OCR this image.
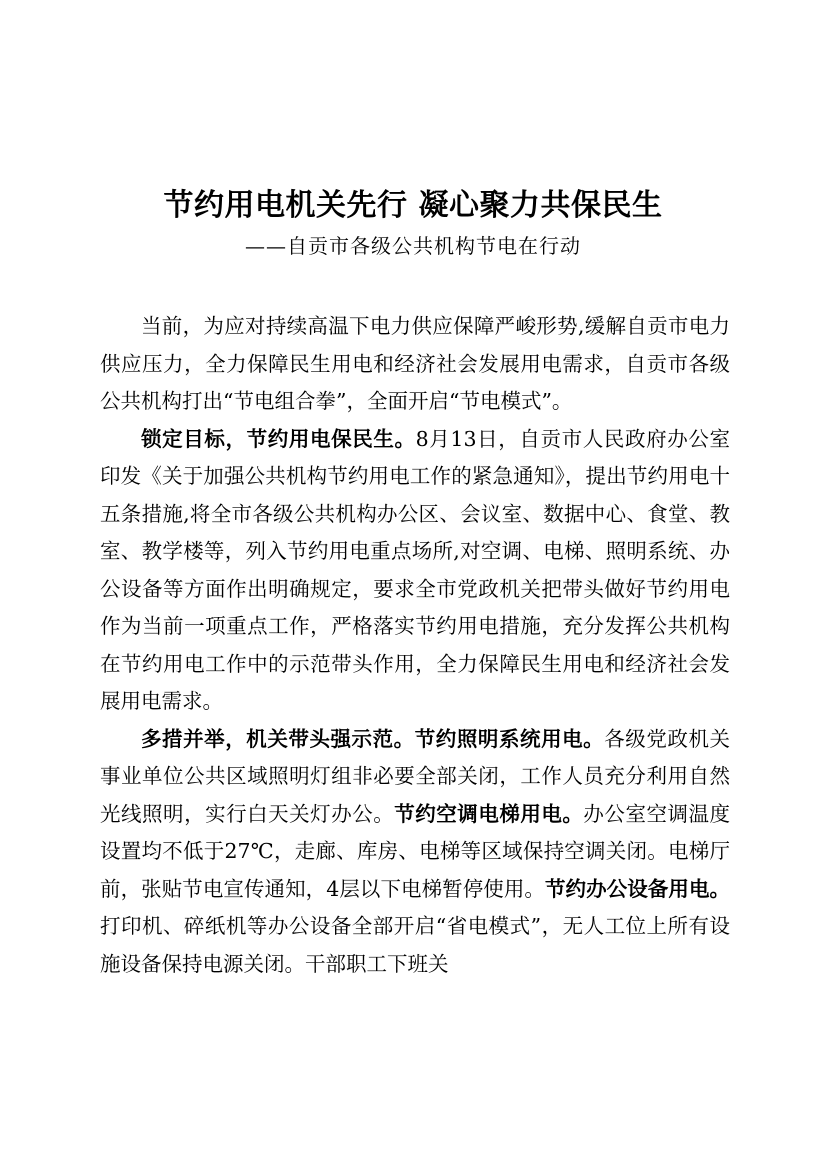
节约用电机关先行 凝心聚力共保民生
——自贡市各级公共机构节电在行动

当前，为应对持续高温下电力供应保障严峻形势,缓解自贡市电力供应压力，全力保障民生用电和经济社会发展用电需求，自贡市各级公共机构打出“节电组合拳”，全面开启“节电模式”。

锁定目标，节约用电保民生。8月13日，自贡市人民政府办公室印发《关于加强公共机构节约用电工作的紧急通知》，提出节约用电十五条措施,将全市各级公共机构办公区、会议室、数据中心、食堂、教室、教学楼等，列入节约用电重点场所,对空调、电梯、照明系统、办公设备等方面作出明确规定，要求全市党政机关把带头做好节约用电作为当前一项重点工作，严格落实节约用电措施，充分发挥公共机构在节约用电工作中的示范带头作用，全力保障民生用电和经济社会发展用电需求。

多措并举，机关带头强示范。节约照明系统用电。各级党政机关事业单位公共区域照明灯组非必要全部关闭，工作人员充分利用自然光线照明，实行白天关灯办公。节约空调电梯用电。办公室空调温度设置均不低于27℃，走廊、库房、电梯等区域保持空调关闭。电梯厅前，张贴节电宣传通知，4层以下电梯暂停使用。节约办公设备用电。打印机、碎纸机等办公设备全部开启“省电模式”，无人工位上所有设施设备保持电源关闭。干部职工下班关
